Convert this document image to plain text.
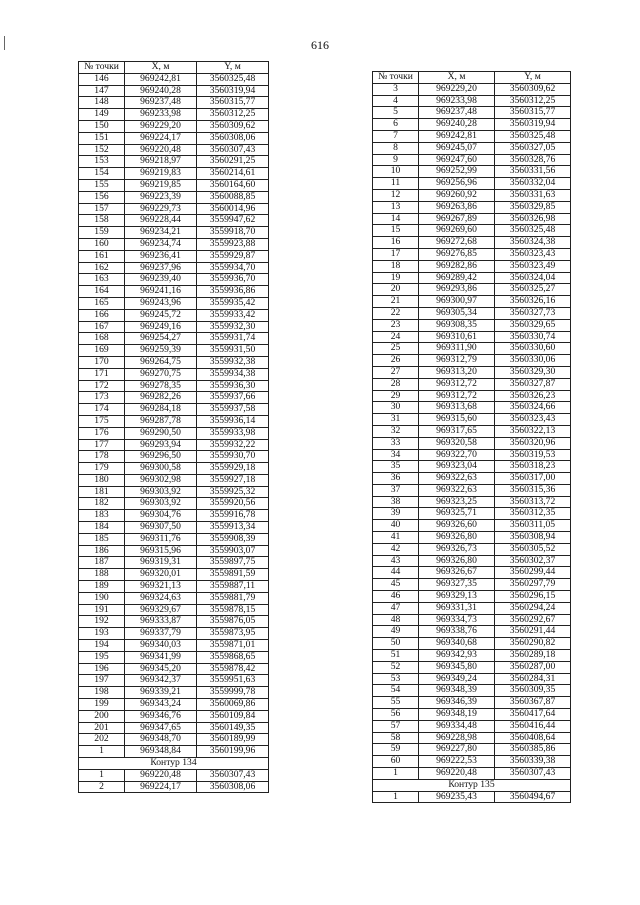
616
№ точки	X, м	Y, м
146	969242,81	3560325,48
147	969240,28	3560319,94
148	969237,48	3560315,77
149	969233,98	3560312,25
150	969229,20	3560309,62
151	969224,17	3560308,06
152	969220,48	3560307,43
153	969218,97	3560291,25
154	969219,83	3560214,61
155	969219,85	3560164,60
156	969223,39	3560088,85
157	969229,73	3560014,96
158	969228,44	3559947,62
159	969234,21	3559918,70
160	969234,74	3559923,88
161	969236,41	3559929,87
162	969237,96	3559934,70
163	969239,40	3559936,70
164	969241,16	3559936,86
165	969243,96	3559935,42
166	969245,72	3559933,42
167	969249,16	3559932,30
168	969254,27	3559931,74
169	969259,39	3559931,50
170	969264,75	3559932,38
171	969270,75	3559934,38
172	969278,35	3559936,30
173	969282,26	3559937,66
174	969284,18	3559937,58
175	969287,78	3559936,14
176	969290,50	3559933,98
177	969293,94	3559932,22
178	969296,50	3559930,70
179	969300,58	3559929,18
180	969302,98	3559927,18
181	969303,92	3559925,32
182	969303,92	3559920,56
183	969304,76	3559916,78
184	969307,50	3559913,34
185	969311,76	3559908,39
186	969315,96	3559903,07
187	969319,31	3559897,75
188	969320,01	3559891,59
189	969321,13	3559887,11
190	969324,63	3559881,79
191	969329,67	3559878,15
192	969333,87	3559876,05
193	969337,79	3559873,95
194	969340,03	3559871,01
195	969341,99	3559868,65
196	969345,20	3559878,42
197	969342,37	3559951,63
198	969339,21	3559999,78
199	969343,24	3560069,86
200	969346,76	3560109,84
201	969347,65	3560149,35
202	969348,70	3560189,99
1	969348,84	3560199,96
Контур 134		
1	969220,48	3560307,43
2	969224,17	3560308,06
№ точки	X, м	Y, м
3	969229,20	3560309,62
4	969233,98	3560312,25
5	969237,48	3560315,77
6	969240,28	3560319,94
7	969242,81	3560325,48
8	969245,07	3560327,05
9	969247,60	3560328,76
10	969252,99	3560331,56
11	969256,96	3560332,04
12	969260,92	3560331,63
13	969263,86	3560329,85
14	969267,89	3560326,98
15	969269,60	3560325,48
16	969272,68	3560324,38
17	969276,85	3560323,43
18	969282,86	3560323,49
19	969289,42	3560324,04
20	969293,86	3560325,27
21	969300,97	3560326,16
22	969305,34	3560327,73
23	969308,35	3560329,65
24	969310,61	3560330,74
25	969311,90	3560330,60
26	969312,79	3560330,06
27	969313,20	3560329,30
28	969312,72	3560327,87
29	969312,72	3560326,23
30	969313,68	3560324,66
31	969315,60	3560323,43
32	969317,65	3560322,13
33	969320,58	3560320,96
34	969322,70	3560319,53
35	969323,04	3560318,23
36	969322,63	3560317,00
37	969322,63	3560315,36
38	969323,25	3560313,72
39	969325,71	3560312,35
40	969326,60	3560311,05
41	969326,80	3560308,94
42	969326,73	3560305,52
43	969326,80	3560302,37
44	969326,67	3560299,44
45	969327,35	3560297,79
46	969329,13	3560296,15
47	969331,31	3560294,24
48	969334,73	3560292,67
49	969338,76	3560291,44
50	969340,68	3560290,82
51	969342,93	3560289,18
52	969345,80	3560287,00
53	969349,24	3560284,31
54	969348,39	3560309,35
55	969346,39	3560367,87
56	969348,19	3560417,64
57	969334,48	3560416,44
58	969228,98	3560408,64
59	969227,80	3560385,86
60	969222,53	3560339,38
1	969220,48	3560307,43
Контур 135		
1	969235,43	3560494,67
